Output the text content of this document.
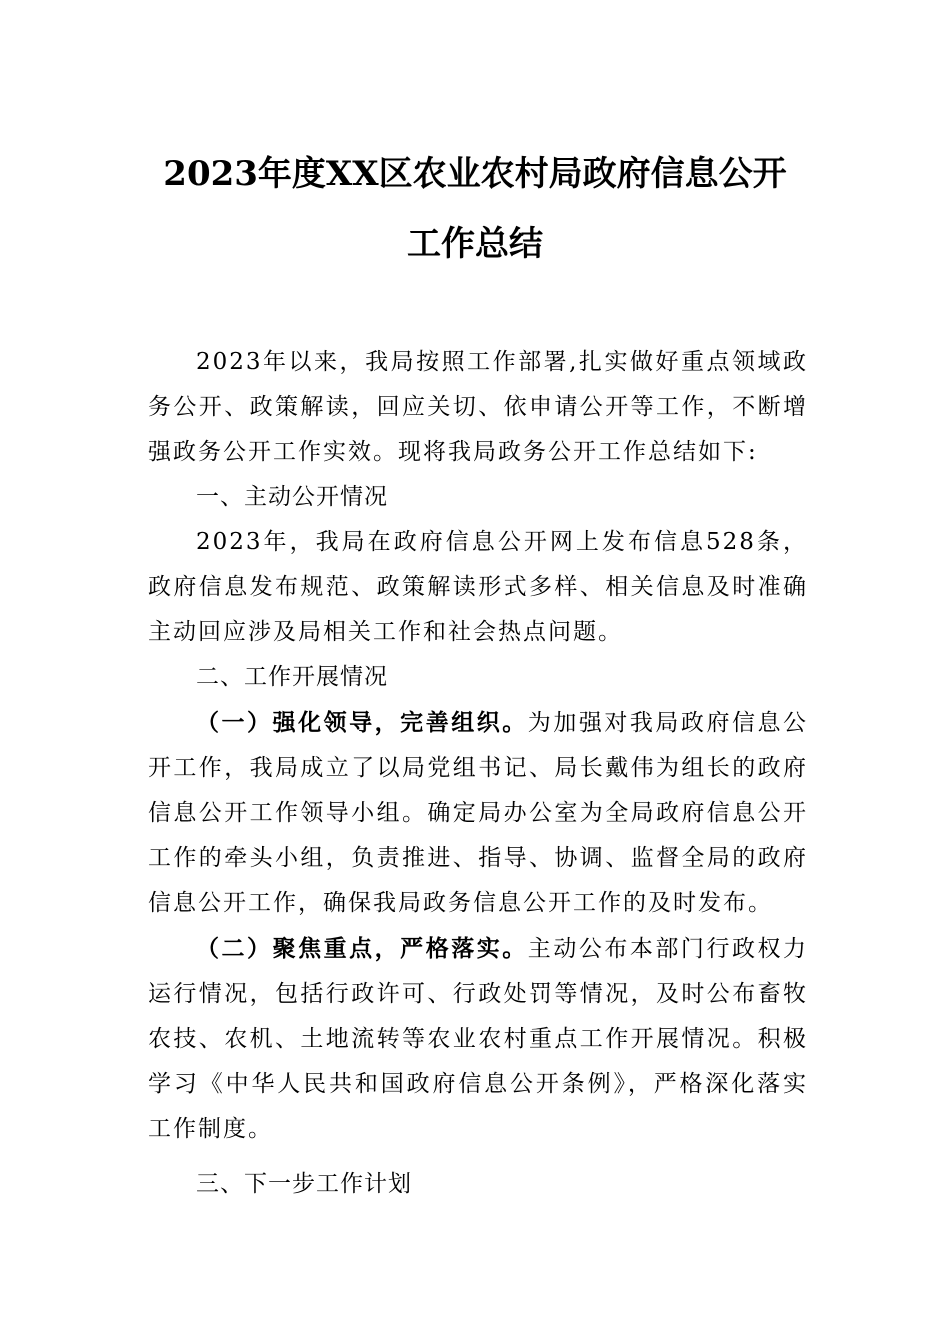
2023年度XX区农业农村局政府信息公开
工作总结

2023年以来，我局按照工作部署,扎实做好重点领域政务公开、政策解读，回应关切、依申请公开等工作，不断增强政务公开工作实效。现将我局政务公开工作总结如下:

一、主动公开情况

2023年，我局在政府信息公开网上发布信息528条，政府信息发布规范、政策解读形式多样、相关信息及时准确主动回应涉及局相关工作和社会热点问题。

二、工作开展情况

（一）强化领导，完善组织。为加强对我局政府信息公开工作，我局成立了以局党组书记、局长戴伟为组长的政府信息公开工作领导小组。确定局办公室为全局政府信息公开工作的牵头小组，负责推进、指导、协调、监督全局的政府信息公开工作，确保我局政务信息公开工作的及时发布。

（二）聚焦重点，严格落实。主动公布本部门行政权力运行情况，包括行政许可、行政处罚等情况，及时公布畜牧农技、农机、土地流转等农业农村重点工作开展情况。积极学习《中华人民共和国政府信息公开条例》，严格深化落实工作制度。

三、下一步工作计划
